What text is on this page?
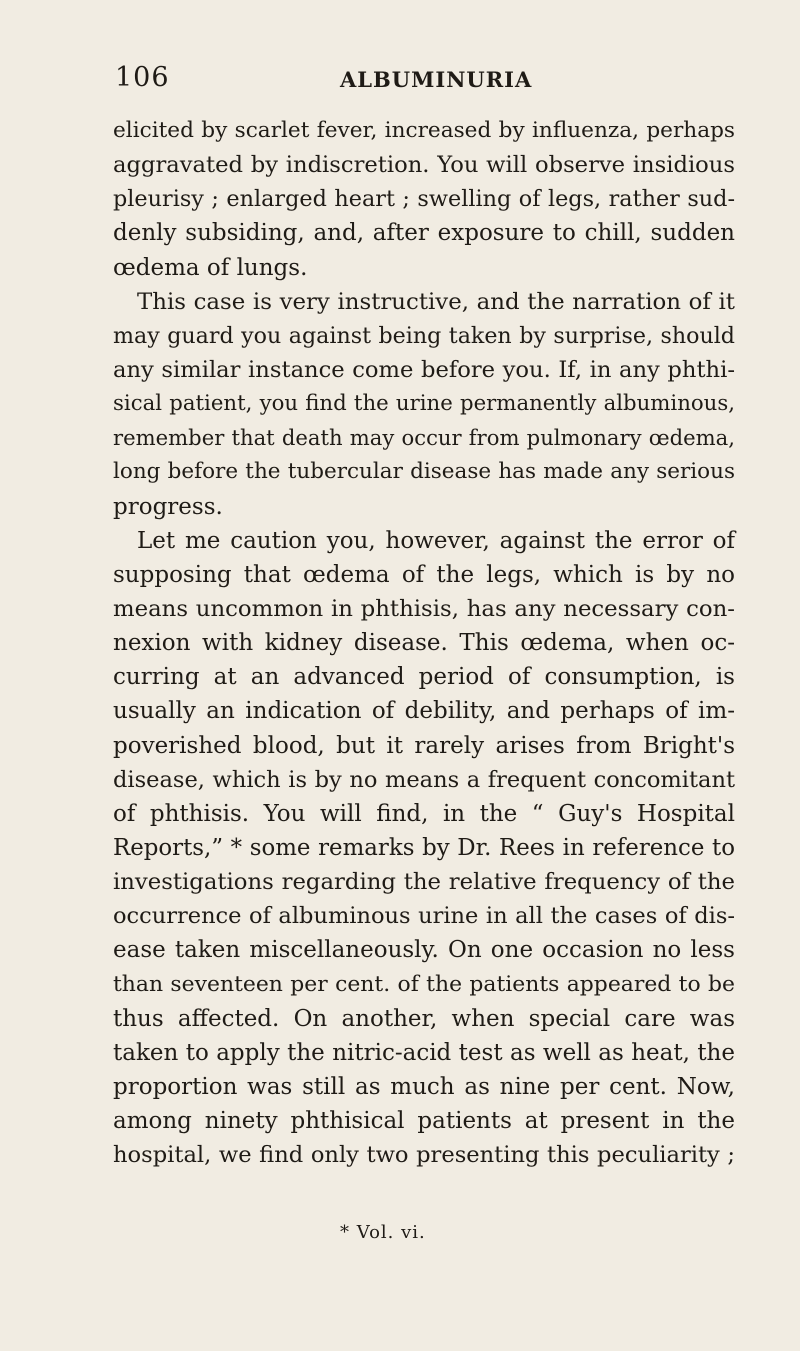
106	ALBUMINURIA
elicited by scarlet fever, increased by influenza, perhaps
aggravated by indiscretion. You will observe insidious
pleurisy ; enlarged heart ; swelling of legs, rather sud-
denly subsiding, and, after exposure to chill, sudden
œdema of lungs.
This case is very instructive, and the narration of it
may guard you against being taken by surprise, should
any similar instance come before you. If, in any phthi-
sical patient, you find the urine permanently albuminous,
remember that death may occur from pulmonary œdema,
long before the tubercular disease has made any serious
progress.
Let me caution you, however, against the error of
supposing that œdema of the legs, which is by no
means uncommon in phthisis, has any necessary con-
nexion with kidney disease. This œdema, when oc-
curring at an advanced period of consumption, is
usually an indication of debility, and perhaps of im-
poverished blood, but it rarely arises from Bright's
disease, which is by no means a frequent concomitant
of phthisis. You will find, in the “ Guy's Hospital
Reports,” * some remarks by Dr. Rees in reference to
investigations regarding the relative frequency of the
occurrence of albuminous urine in all the cases of dis-
ease taken miscellaneously. On one occasion no less
than seventeen per cent. of the patients appeared to be
thus affected. On another, when special care was
taken to apply the nitric-acid test as well as heat, the
proportion was still as much as nine per cent. Now,
among ninety phthisical patients at present in the
hospital, we find only two presenting this peculiarity ;
* Vol. vi.
